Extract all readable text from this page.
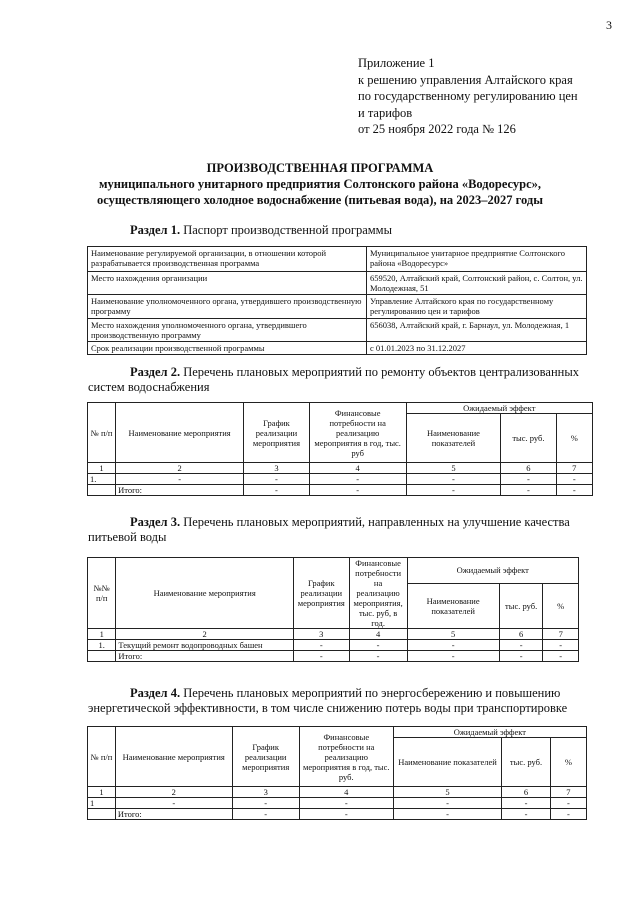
3
Приложение 1
к решению управления Алтайского края
по государственному регулированию цен
и тарифов
от 25 ноября 2022 года № 126
ПРОИЗВОДСТВЕННАЯ ПРОГРАММА
муниципального унитарного предприятия Солтонского района «Водоресурс»,
осуществляющего холодное водоснабжение (питьевая вода), на 2023–2027 годы
Раздел 1. Паспорт производственной программы
Наименование регулируемой организации, в отношении которой разрабатывается производственная программа	Муниципальное унитарное предприятие Солтонского района «Водоресурс»
Место нахождения организации	659520, Алтайский край, Солтонский район, с. Солтон, ул. Молодежная, 51
Наименование уполномоченного органа, утвердившего производственную программу	Управление Алтайского края по государственному регулированию цен и тарифов
Место нахождения уполномоченного органа, утвердившего производственную программу	656038, Алтайский край, г. Барнаул, ул. Молодежная, 1
Срок реализации производственной программы	с 01.01.2023 по 31.12.2027
Раздел 2. Перечень плановых мероприятий по ремонту объектов централизованных систем водоснабжения
№ п/п	Наименование мероприятия	График реализации мероприятия	Финансовые потребности на реализацию мероприятия в год, тыс. руб	Ожидаемый эффект		
				Наименование показателей	тыс. руб.	%
1	2	3	4	5	6	7
1.	-	-	-	-	-	-
	Итого:	-	-	-	-	-
Раздел 3. Перечень плановых мероприятий, направленных на улучшение качества питьевой воды
№№ п/п	Наименование мероприятия	График реализации мероприятия	Финансовые потребности на реализацию мероприятия, тыс. руб, в год.	Ожидаемый эффект		
				Наименование показателей	тыс. руб.	%
1	2	3	4	5	6	7
1.	Текущий ремонт водопроводных башен	-	-	-	-	-
	Итого:	-	-	-	-	-
Раздел 4. Перечень плановых мероприятий по энергосбережению и повышению энергетической эффективности, в том числе снижению потерь воды при транспортировке
№ п/п	Наименование мероприятия	График реализации мероприятия	Финансовые потребности на реализацию мероприятия в год, тыс. руб.	Ожидаемый эффект		
				Наименование показателей	тыс. руб.	%
1	2	3	4	5	6	7
1	-	-	-	-	-	-
	Итого:	-	-	-	-	-
